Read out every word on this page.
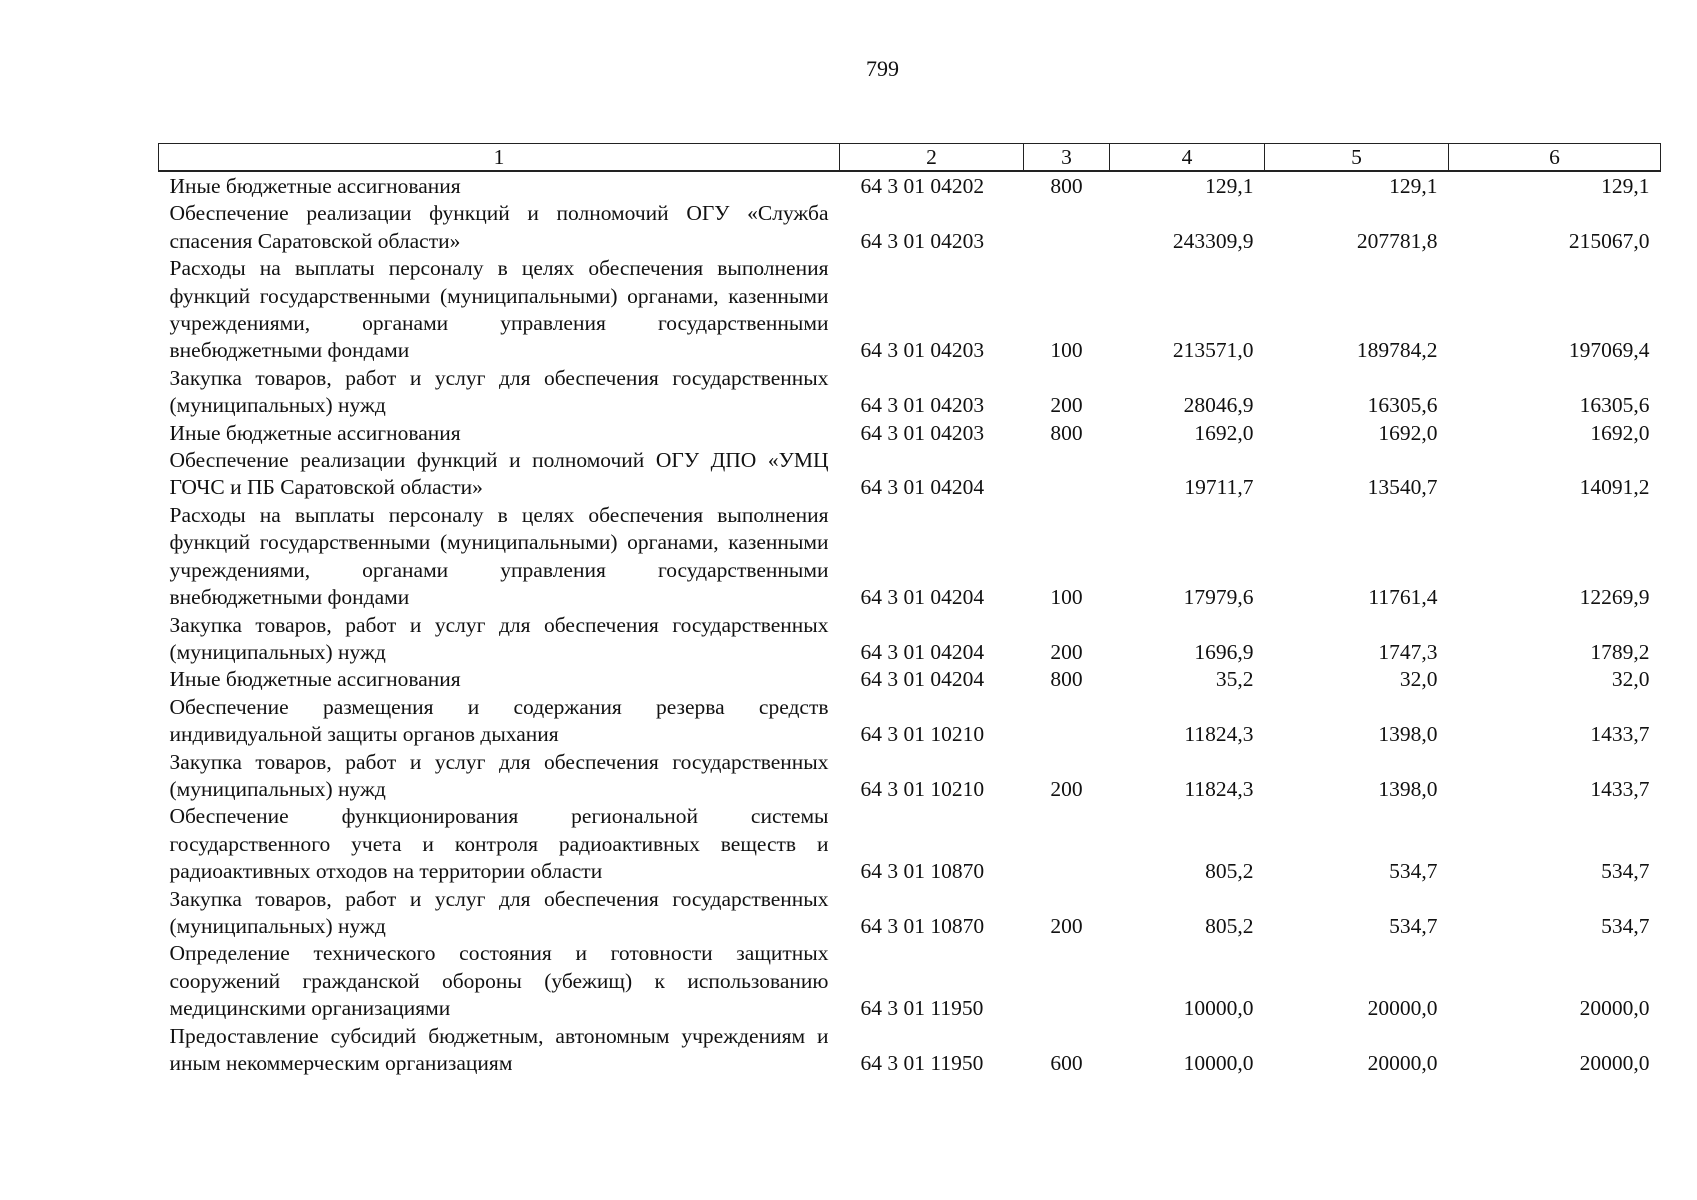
799
1	2	3	4	5	6
Иные бюджетные ассигнования	64 3 01 04202	800	129,1	129,1	129,1
Обеспечение реализации функций и полномочий ОГУ «Служба спасения Саратовской области»	64 3 01 04203		243309,9	207781,8	215067,0
Расходы на выплаты персоналу в целях обеспечения выполнения функций государственными (муниципальными) органами, казенными учреждениями, органами управления государственными внебюджетными фондами	64 3 01 04203	100	213571,0	189784,2	197069,4
Закупка товаров, работ и услуг для обеспечения государственных (муниципальных) нужд	64 3 01 04203	200	28046,9	16305,6	16305,6
Иные бюджетные ассигнования	64 3 01 04203	800	1692,0	1692,0	1692,0
Обеспечение реализации функций и полномочий ОГУ ДПО «УМЦ ГОЧС и ПБ Саратовской области»	64 3 01 04204		19711,7	13540,7	14091,2
Расходы на выплаты персоналу в целях обеспечения выполнения функций государственными (муниципальными) органами, казенными учреждениями, органами управления государственными внебюджетными фондами	64 3 01 04204	100	17979,6	11761,4	12269,9
Закупка товаров, работ и услуг для обеспечения государственных (муниципальных) нужд	64 3 01 04204	200	1696,9	1747,3	1789,2
Иные бюджетные ассигнования	64 3 01 04204	800	35,2	32,0	32,0
Обеспечение размещения и содержания резерва средств индивидуальной защиты органов дыхания	64 3 01 10210		11824,3	1398,0	1433,7
Закупка товаров, работ и услуг для обеспечения государственных (муниципальных) нужд	64 3 01 10210	200	11824,3	1398,0	1433,7
Обеспечение функционирования региональной системы государственного учета и контроля радиоактивных веществ и радиоактивных отходов на территории области	64 3 01 10870		805,2	534,7	534,7
Закупка товаров, работ и услуг для обеспечения государственных (муниципальных) нужд	64 3 01 10870	200	805,2	534,7	534,7
Определение технического состояния и готовности защитных сооружений гражданской обороны (убежищ) к использованию медицинскими организациями	64 3 01 11950		10000,0	20000,0	20000,0
Предоставление субсидий бюджетным, автономным учреждениям и иным некоммерческим организациям	64 3 01 11950	600	10000,0	20000,0	20000,0
